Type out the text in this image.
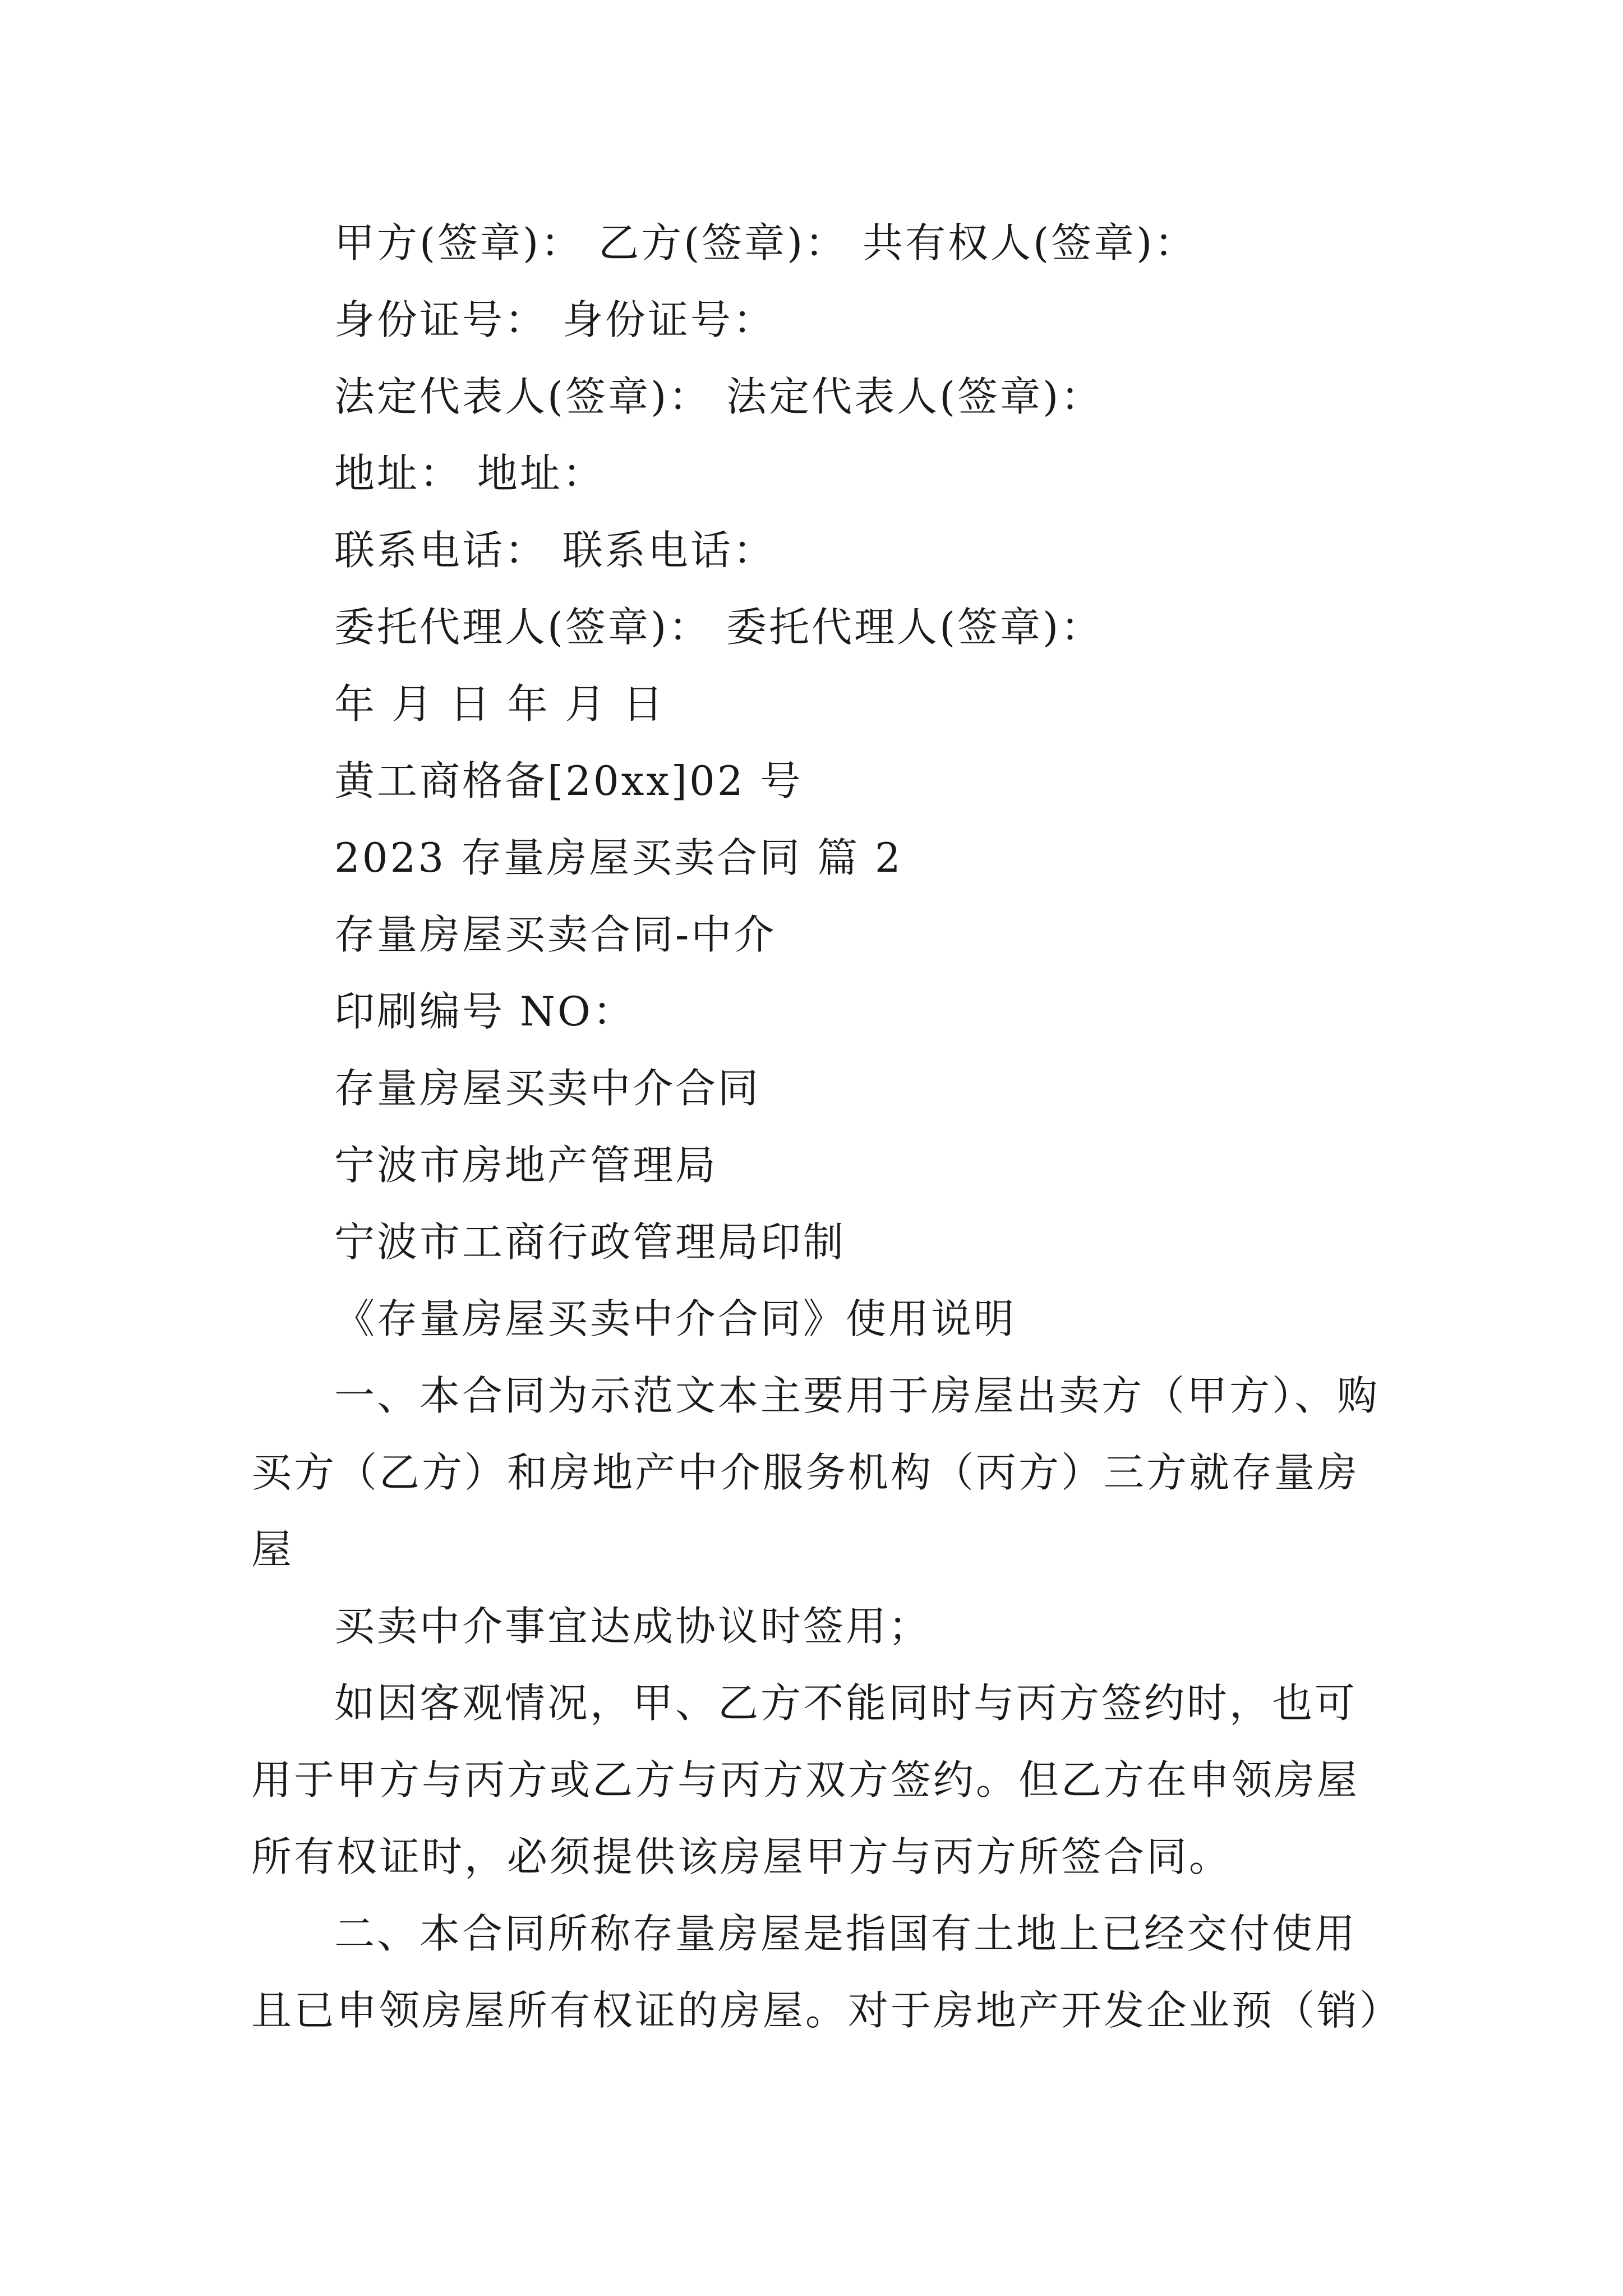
甲方(签章)： 乙方(签章)： 共有权人(签章)：
身份证号： 身份证号：
法定代表人(签章)： 法定代表人(签章)：
地址： 地址：
联系电话： 联系电话：
委托代理人(签章)： 委托代理人(签章)：
年 月 日 年 月 日
黄工商格备[20xx]02 号
2023 存量房屋买卖合同 篇 2
存量房屋买卖合同-中介
印刷编号 NO：
存量房屋买卖中介合同
宁波市房地产管理局
宁波市工商行政管理局印制
《存量房屋买卖中介合同》使用说明
一、本合同为示范文本主要用于房屋出卖方（甲方）、购买方（乙方）和房地产中介服务机构（丙方）三方就存量房屋
买卖中介事宜达成协议时签用；
如因客观情况，甲、乙方不能同时与丙方签约时，也可用于甲方与丙方或乙方与丙方双方签约。但乙方在申领房屋所有权证时，必须提供该房屋甲方与丙方所签合同。
二、本合同所称存量房屋是指国有土地上已经交付使用且已申领房屋所有权证的房屋。对于房地产开发企业预（销）
